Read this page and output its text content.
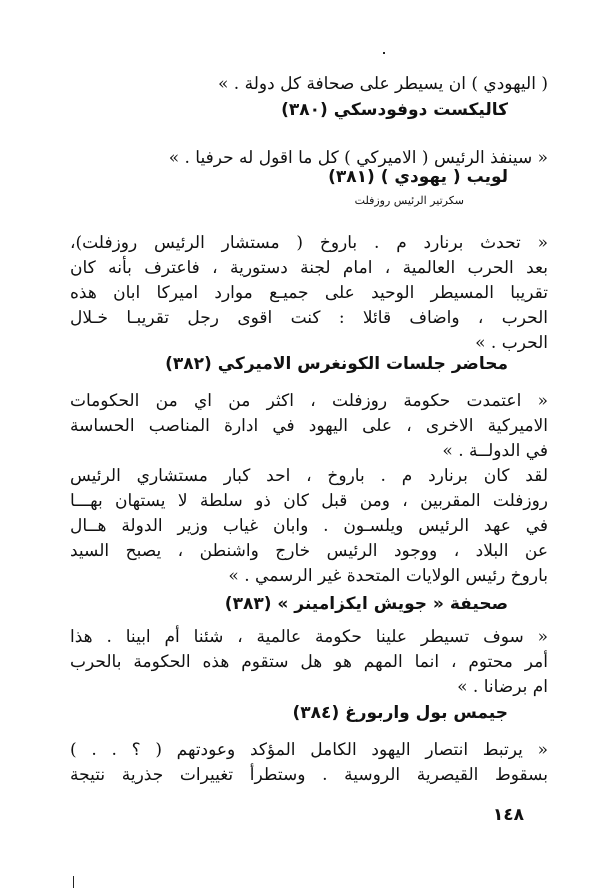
( اليهودي ) ان يسيطر على صحافة كل دولة . »
كاليكست دوفودسكي (٣٨٠)
« سينفذ الرئيس ( الاميركي ) كل ما اقول له حرفيا . »
لويب ( يهودي ) (٣٨١)
سكرتير الرئيس روزفلت
« تحدث برنارد م . باروخ ( مستشار الرئيس روزفلت)،
بعد الحرب العالمية ، امام لجنة دستورية ، فاعترف بأنه كان
تقريبا المسيطر الوحيد على جميـع موارد اميركا ابان هذه
الحرب ، واضاف قائلا : كنت اقوى رجل تقريبـا خـلال
الحرب . »
محاضر جلسات الكونغرس الاميركي (٣٨٢)
« اعتمدت حكومة روزفلت ، اكثر من اي من الحكومات
الاميركية الاخرى ، على اليهود في ادارة المناصب الحساسة
في الدولــة . »
لقد كان برنارد م . باروخ ، احد كبار مستشاري الرئيس
روزفلت المقربين ، ومن قبل كان ذو سلطة لا يستهان بهـــا
في عهد الرئيس ويلسـون . وابان غياب وزير الدولة هــال
عن البلاد ، ووجود الرئيس خارج واشنطن ، يصبح السيد
باروخ رئيس الولايات المتحدة غير الرسمي . »
صحيفة « جويش ايكزامينر » (٣٨٣)
« سوف تسيطر علينا حكومة عالمية ، شئنا أم ابينا . هذا
أمر محتوم ، انما المهم هو هل ستقوم هذه الحكومة بالحرب
ام برضانا . »
جيمس بول واربورغ (٣٨٤)
« يرتبط انتصار اليهود الكامل المؤكد وعودتهم ( ؟ . . )
بسقوط القيصرية الروسية . وستطرأ تغييرات جذرية نتيجة
١٤٨
